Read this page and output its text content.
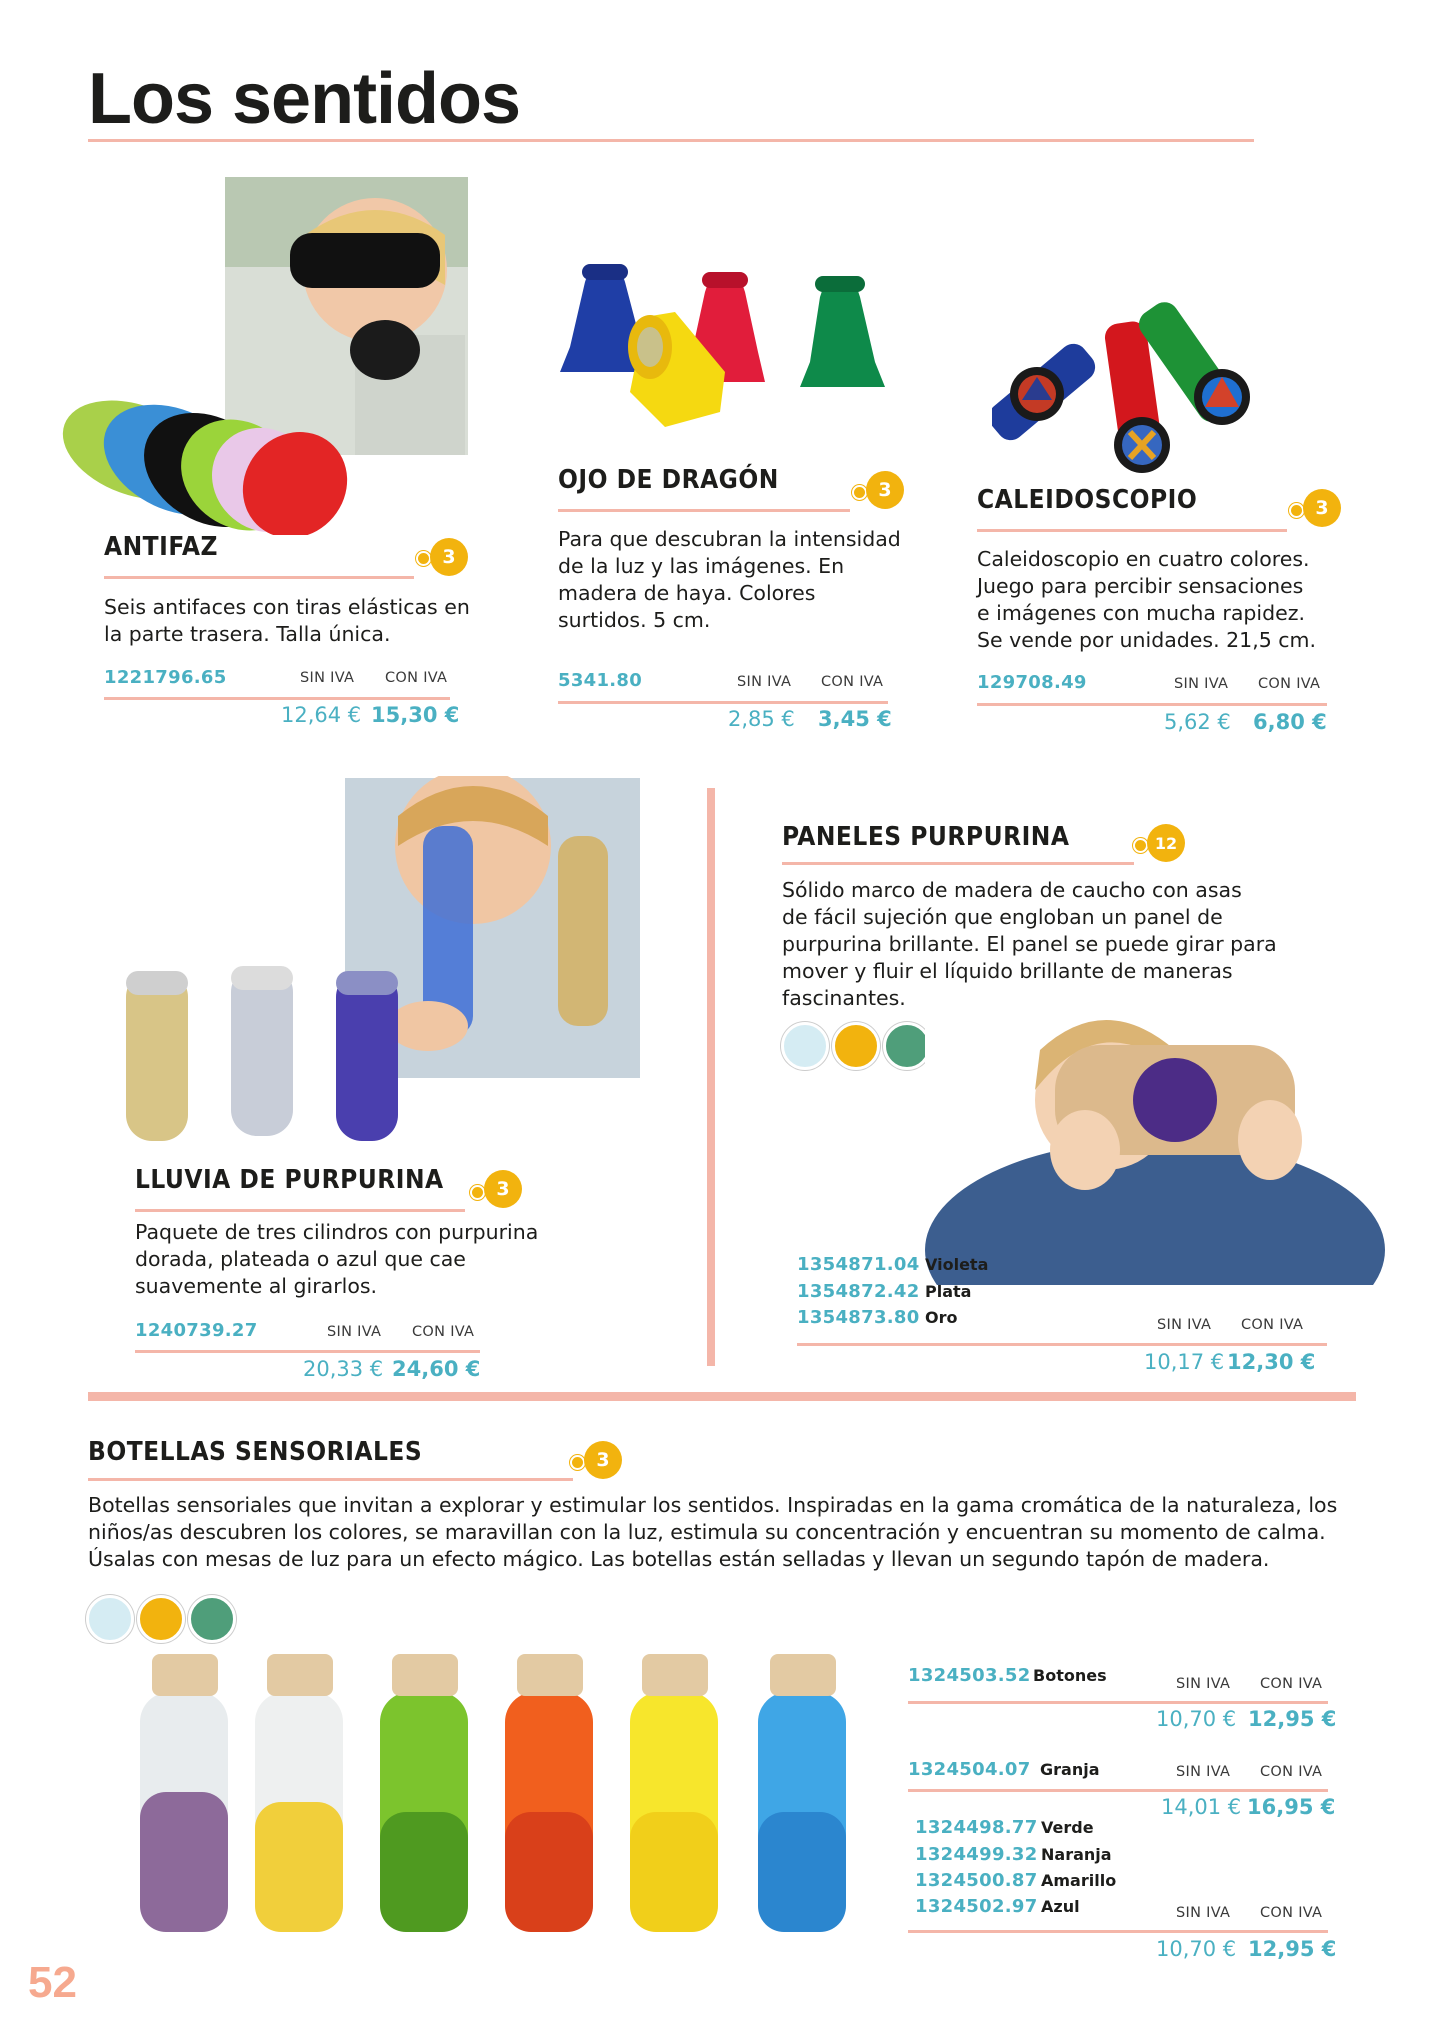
Los sentidos
ANTIFAZ	3
Seis antifaces con tiras elásticas en
la parte trasera. Talla única.
1221796.65	SIN IVA CON IVA
12,64 € 15,30 €
OJO DE DRAGÓN	3
Para que descubran la intensidad
de la luz y las imágenes. En
madera de haya. Colores
surtidos. 5 cm.
5341.80	SIN IVA CON IVA
2,85 € 3,45 €
CALEIDOSCOPIO	3
Caleidoscopio en cuatro colores.
Juego para percibir sensaciones
e imágenes con mucha rapidez.
Se vende por unidades. 21,5 cm.
129708.49	SIN IVA CON IVA
5,62 € 6,80 €
LLUVIA DE PURPURINA	3
Paquete de tres cilindros con purpurina
dorada, plateada o azul que cae
suavemente al girarlos.
1240739.27	SIN IVA CON IVA
20,33 € 24,60 €
PANELES PURPURINA	12
Sólido marco de madera de caucho con asas
de fácil sujeción que engloban un panel de
purpurina brillante. El panel se puede girar para
mover y fluir el líquido brillante de maneras
fascinantes.
1354871.04 Violeta
1354872.42 Plata
1354873.80 Oro	SIN IVA CON IVA
10,17 € 12,30 €
BOTELLAS SENSORIALES	3
Botellas sensoriales que invitan a explorar y estimular los sentidos. Inspiradas en la gama cromática de la naturaleza, los
niños/as descubren los colores, se maravillan con la luz, estimula su concentración y encuentran su momento de calma.
Úsalas con mesas de luz para un efecto mágico. Las botellas están selladas y llevan un segundo tapón de madera.
1324503.52 Botones	SIN IVA CON IVA
10,70 € 12,95 €
1324504.07 Granja	SIN IVA CON IVA
14,01 € 16,95 €
1324498.77 Verde
1324499.32 Naranja
1324500.87 Amarillo
1324502.97 Azul	SIN IVA CON IVA
10,70 € 12,95 €
52
